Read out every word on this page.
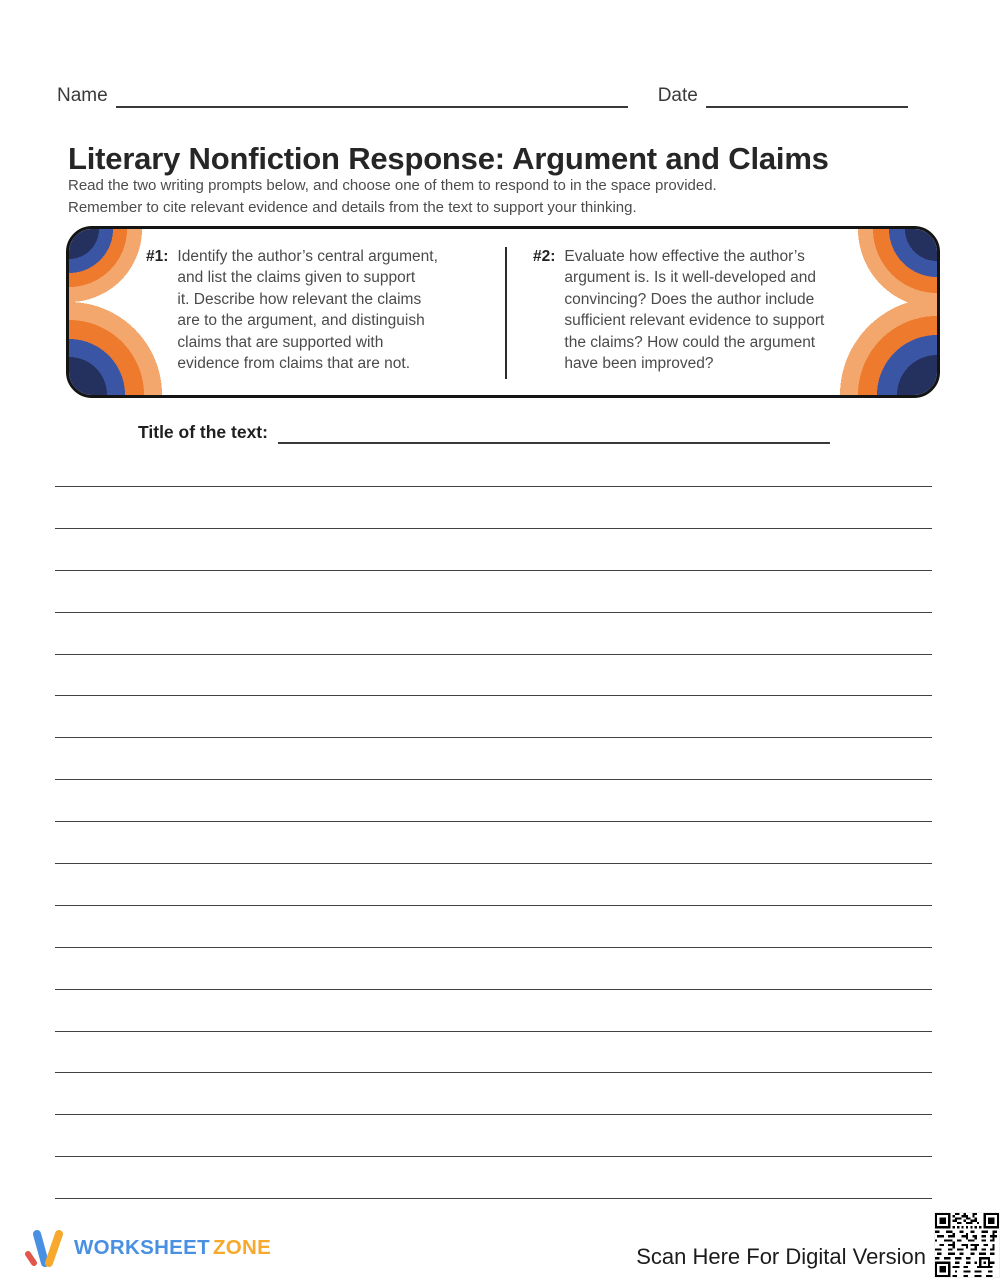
Name	Date
Literary Nonfiction Response: Argument and Claims
Read the two writing prompts below, and choose one of them to respond to in the space provided.
Remember to cite relevant evidence and details from the text to support your thinking.
#1: Identify the author’s central argument,
and list the claims given to support
it. Describe how relevant the claims
are to the argument, and distinguish
claims that are supported with
evidence from claims that are not.
#2: Evaluate how effective the author’s
argument is. Is it well-developed and
convincing? Does the author include
sufficient relevant evidence to support
the claims? How could the argument
have been improved?
Title of the text:
WORKSHEET ZONE	Scan Here For Digital Version
